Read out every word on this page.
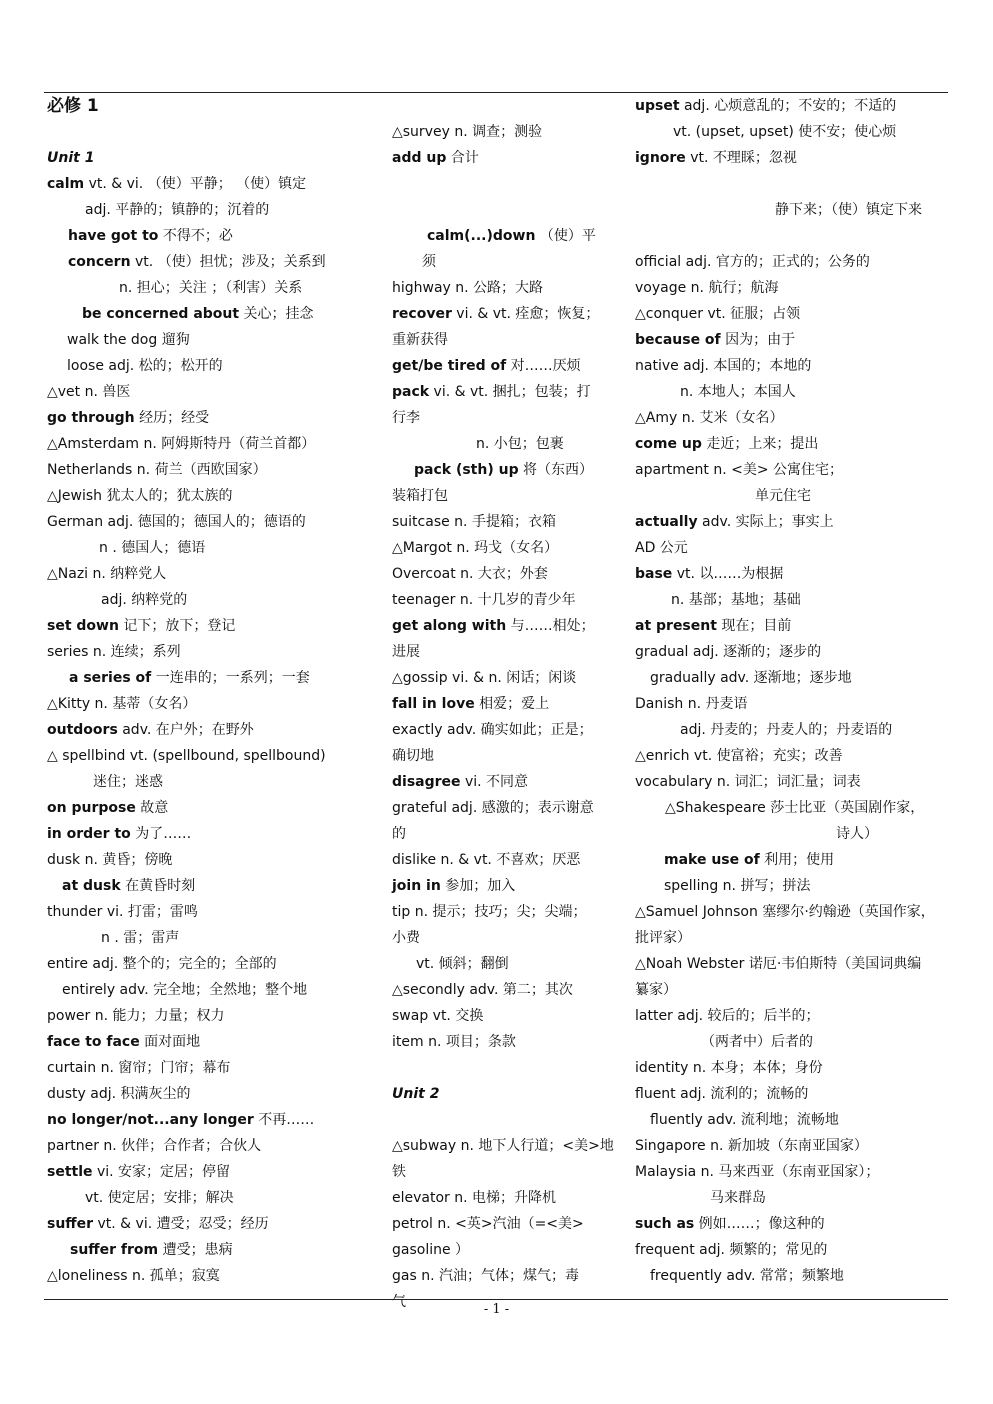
必修 1
Unit 1
calm vt. & vi. （使）平静； （使）镇定
adj. 平静的；镇静的；沉着的
have got to 不得不；必
concern vt. （使）担忧；涉及；关系到
n. 担心；关注 ；（利害）关系
be concerned about 关心；挂念
walk the dog 遛狗
loose adj. 松的；松开的
△vet n. 兽医
go through 经历；经受
△Amsterdam n. 阿姆斯特丹（荷兰首都）
Netherlands n. 荷兰（西欧国家）
△Jewish 犹太人的；犹太族的
German adj. 德国的；德国人的；德语的
n . 德国人；德语
△Nazi n. 纳粹党人
adj. 纳粹党的
set down 记下；放下；登记
series n. 连续；系列
a series of 一连串的；一系列；一套
△Kitty n. 基蒂（女名）
outdoors adv. 在户外；在野外
△ spellbind vt. (spellbound, spellbound)
迷住；迷惑
on purpose 故意
in order to 为了……
dusk n. 黄昏；傍晚
at dusk 在黄昏时刻
thunder vi. 打雷；雷鸣
n . 雷；雷声
entire adj. 整个的；完全的；全部的
entirely adv. 完全地；全然地；整个地
power n. 能力；力量；权力
face to face 面对面地
curtain n. 窗帘；门帘；幕布
dusty adj. 积满灰尘的
no longer/not...any longer 不再……
partner n. 伙伴；合作者；合伙人
settle vi. 安家；定居；停留
vt. 使定居；安排；解决
suffer vt. & vi. 遭受；忍受；经历
suffer from 遭受；患病
△loneliness n. 孤单；寂寞
△survey n. 调查；测验
add up 合计
calm(...)down （使）平
须
highway n. 公路；大路
recover vi. & vt. 痊愈；恢复；
重新获得
get/be tired of 对……厌烦
pack vi. & vt. 捆扎；包装；打
行李
n. 小包；包裹
pack (sth) up 将（东西）
装箱打包
suitcase n. 手提箱；衣箱
△Margot n. 玛戈（女名）
Overcoat n. 大衣；外套
teenager n. 十几岁的青少年
get along with 与……相处；
进展
△gossip vi. & n. 闲话；闲谈
fall in love 相爱；爱上
exactly adv. 确实如此；正是；
确切地
disagree vi. 不同意
grateful adj. 感激的；表示谢意
的
dislike n. & vt. 不喜欢；厌恶
join in 参加；加入
tip n. 提示；技巧；尖；尖端；
小费
vt. 倾斜；翻倒
△secondly adv. 第二；其次
swap vt. 交换
item n. 项目；条款
Unit 2
△subway n. 地下人行道；<美>地
铁
elevator n. 电梯；升降机
petrol n. <英>汽油（=<美>
gasoline ）
gas n. 汽油；气体；煤气；毒
气
upset adj. 心烦意乱的；不安的；不适的
vt. (upset, upset) 使不安；使心烦
ignore vt. 不理睬；忽视
静下来；（使）镇定下来
official adj. 官方的；正式的；公务的
voyage n. 航行；航海
△conquer vt. 征服；占领
because of 因为；由于
native adj. 本国的；本地的
n. 本地人；本国人
△Amy n. 艾米（女名）
come up 走近；上来；提出
apartment n. <美> 公寓住宅；
单元住宅
actually adv. 实际上；事实上
AD 公元
base vt. 以……为根据
n. 基部；基地；基础
at present 现在；目前
gradual adj. 逐渐的；逐步的
gradually adv. 逐渐地；逐步地
Danish n. 丹麦语
adj. 丹麦的；丹麦人的；丹麦语的
△enrich vt. 使富裕；充实；改善
vocabulary n. 词汇；词汇量；词表
△Shakespeare 莎士比亚（英国剧作家，
诗人）
make use of 利用；使用
spelling n. 拼写；拼法
△Samuel Johnson 塞缪尔·约翰逊（英国作家，
批评家）
△Noah Webster 诺厄·韦伯斯特（美国词典编
纂家）
latter adj. 较后的；后半的；
（两者中）后者的
identity n. 本身；本体；身份
fluent adj. 流利的；流畅的
fluently adv. 流利地；流畅地
Singapore n. 新加坡（东南亚国家）
Malaysia n. 马来西亚（东南亚国家）；
马来群岛
such as 例如……；像这种的
frequent adj. 频繁的；常见的
frequently adv. 常常；频繁地
- 1 -
